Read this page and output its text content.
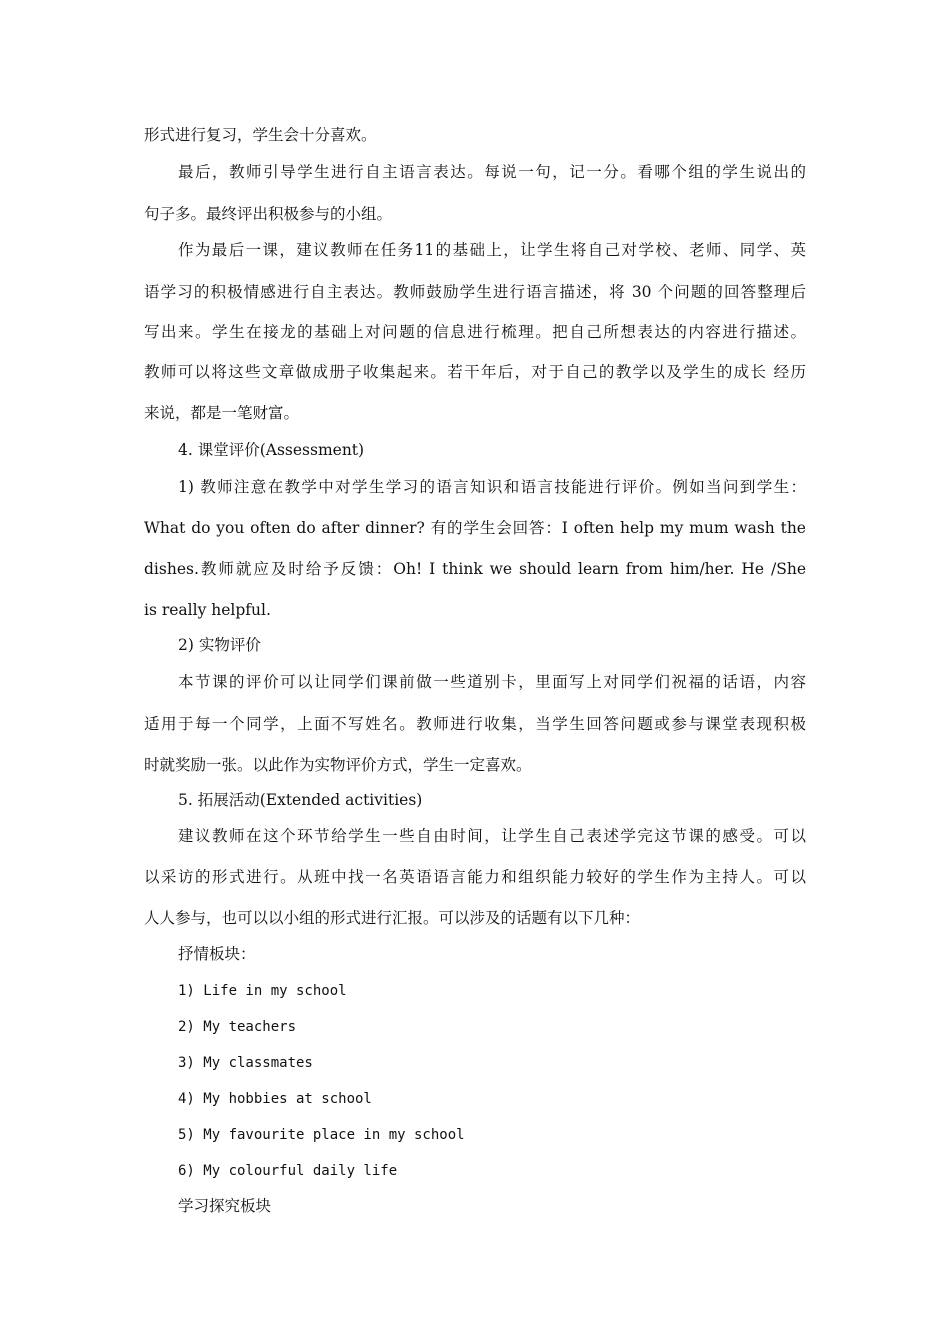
形式进行复习，学生会十分喜欢。
最后，教师引导学生进行自主语言表达。每说一句，记一分。看哪个组的学生说出的
句子多。最终评出积极参与的小组。
作为最后一课，建议教师在任务11的基础上，让学生将自己对学校、老师、同学、英
语学习的积极情感进行自主表达。教师鼓励学生进行语言描述，将 30 个问题的回答整理后
写出来。学生在接龙的基础上对问题的信息进行梳理。把自己所想表达的内容进行描述。
教师可以将这些文章做成册子收集起来。若干年后，对于自己的教学以及学生的成长 经历
来说，都是一笔财富。
4. 课堂评价(Assessment)
1) 教师注意在教学中对学生学习的语言知识和语言技能进行评价。例如当问到学生：
What do you often do after dinner? 有的学生会回答：I often help my mum wash the
dishes.教师就应及时给予反馈：Oh! I think we should learn from him/her. He /She
is really helpful.
2) 实物评价
本节课的评价可以让同学们课前做一些道别卡，里面写上对同学们祝福的话语，内容
适用于每一个同学，上面不写姓名。教师进行收集，当学生回答问题或参与课堂表现积极
时就奖励一张。以此作为实物评价方式，学生一定喜欢。
5. 拓展活动(Extended activities)
建议教师在这个环节给学生一些自由时间，让学生自己表述学完这节课的感受。可以
以采访的形式进行。从班中找一名英语语言能力和组织能力较好的学生作为主持人。可以
人人参与，也可以以小组的形式进行汇报。可以涉及的话题有以下几种：
抒情板块：
1) Life in my school
2) My teachers
3) My classmates
4) My hobbies at school
5) My favourite place in my school
6) My colourful daily life
学习探究板块
